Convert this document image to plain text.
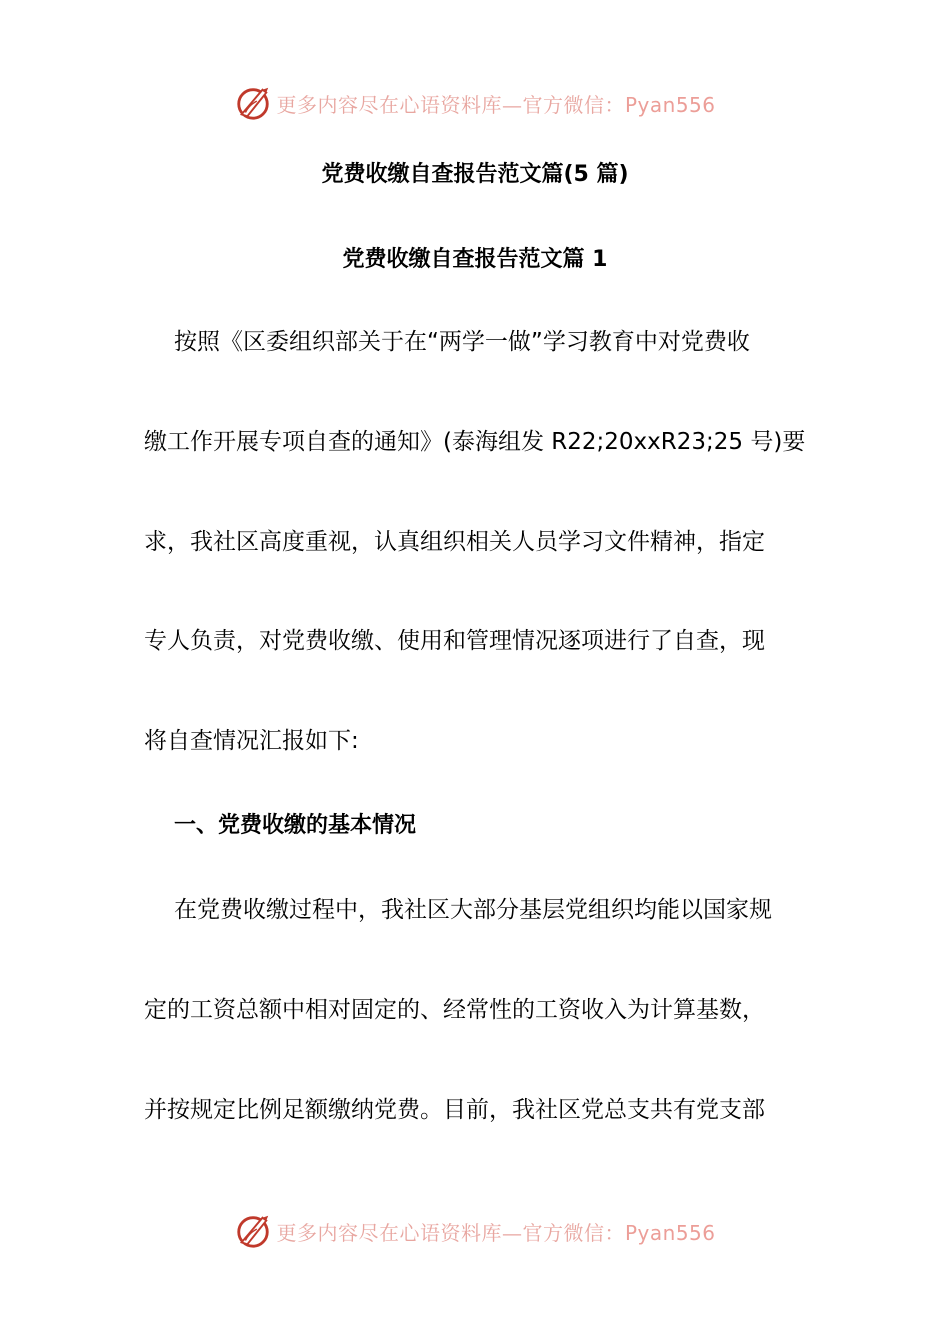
更多内容尽在心语资料库—官方微信：Pyan556
党费收缴自查报告范文篇(5 篇)
党费收缴自查报告范文篇 1
按照《区委组织部关于在“两学一做”学习教育中对党费收
缴工作开展专项自查的通知》(泰海组发 R22;20xxR23;25 号)要
求，我社区高度重视，认真组织相关人员学习文件精神，指定
专人负责，对党费收缴、使用和管理情况逐项进行了自查，现
将自查情况汇报如下:
一、党费收缴的基本情况
在党费收缴过程中，我社区大部分基层党组织均能以国家规
定的工资总额中相对固定的、经常性的工资收入为计算基数，
并按规定比例足额缴纳党费。目前，我社区党总支共有党支部
更多内容尽在心语资料库—官方微信：Pyan556
